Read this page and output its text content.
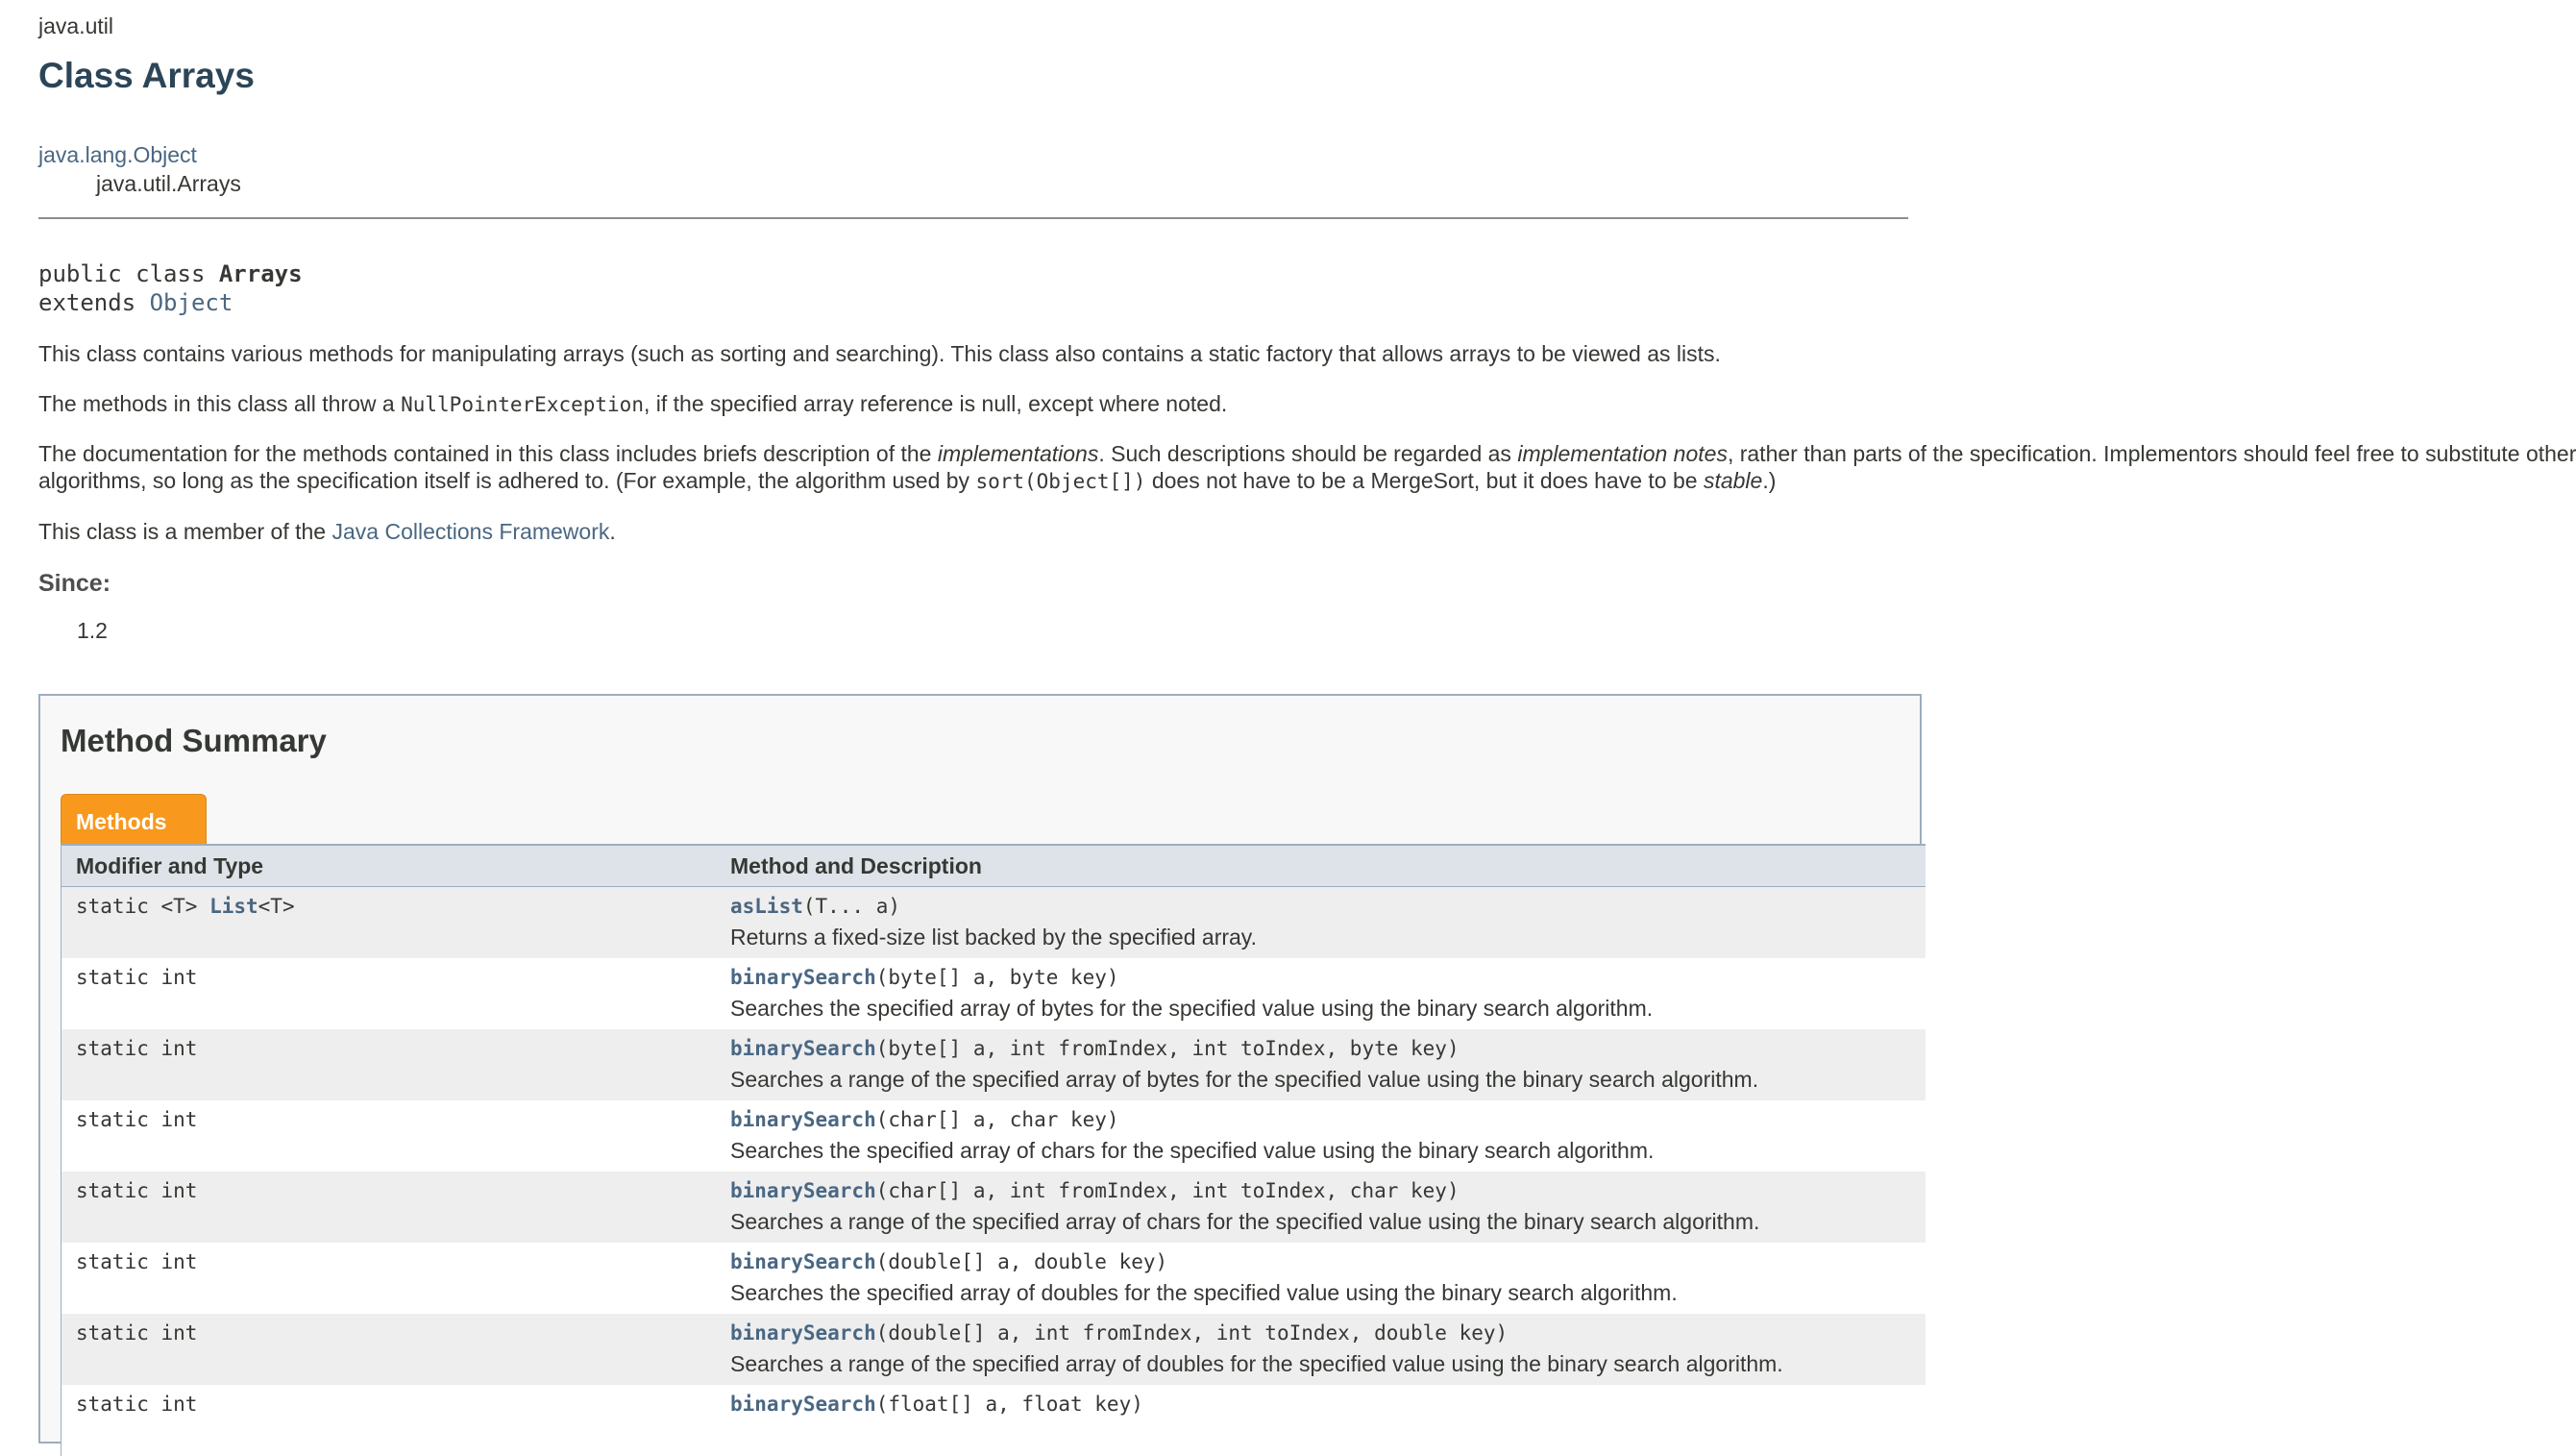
java.util
Class Arrays
java.lang.Object
java.util.Arrays
public class Arrays
extends Object
This class contains various methods for manipulating arrays (such as sorting and searching). This class also contains a static factory that allows arrays to be viewed as lists.
The methods in this class all throw a NullPointerException, if the specified array reference is null, except where noted.
The documentation for the methods contained in this class includes briefs description of the implementations. Such descriptions should be regarded as implementation notes, rather than parts of the specification. Implementors should feel free to substitute other
algorithms, so long as the specification itself is adhered to. (For example, the algorithm used by sort(Object[]) does not have to be a MergeSort, but it does have to be stable.)
This class is a member of the Java Collections Framework.
Since:
1.2
Method Summary
Methods
Modifier and Type	Method and Description
static <T> List<T>	asList(T... a)
Returns a fixed-size list backed by the specified array.
static int	binarySearch(byte[] a, byte key)
Searches the specified array of bytes for the specified value using the binary search algorithm.
static int	binarySearch(byte[] a, int fromIndex, int toIndex, byte key)
Searches a range of the specified array of bytes for the specified value using the binary search algorithm.
static int	binarySearch(char[] a, char key)
Searches the specified array of chars for the specified value using the binary search algorithm.
static int	binarySearch(char[] a, int fromIndex, int toIndex, char key)
Searches a range of the specified array of chars for the specified value using the binary search algorithm.
static int	binarySearch(double[] a, double key)
Searches the specified array of doubles for the specified value using the binary search algorithm.
static int	binarySearch(double[] a, int fromIndex, int toIndex, double key)
Searches a range of the specified array of doubles for the specified value using the binary search algorithm.
static int	binarySearch(float[] a, float key)
